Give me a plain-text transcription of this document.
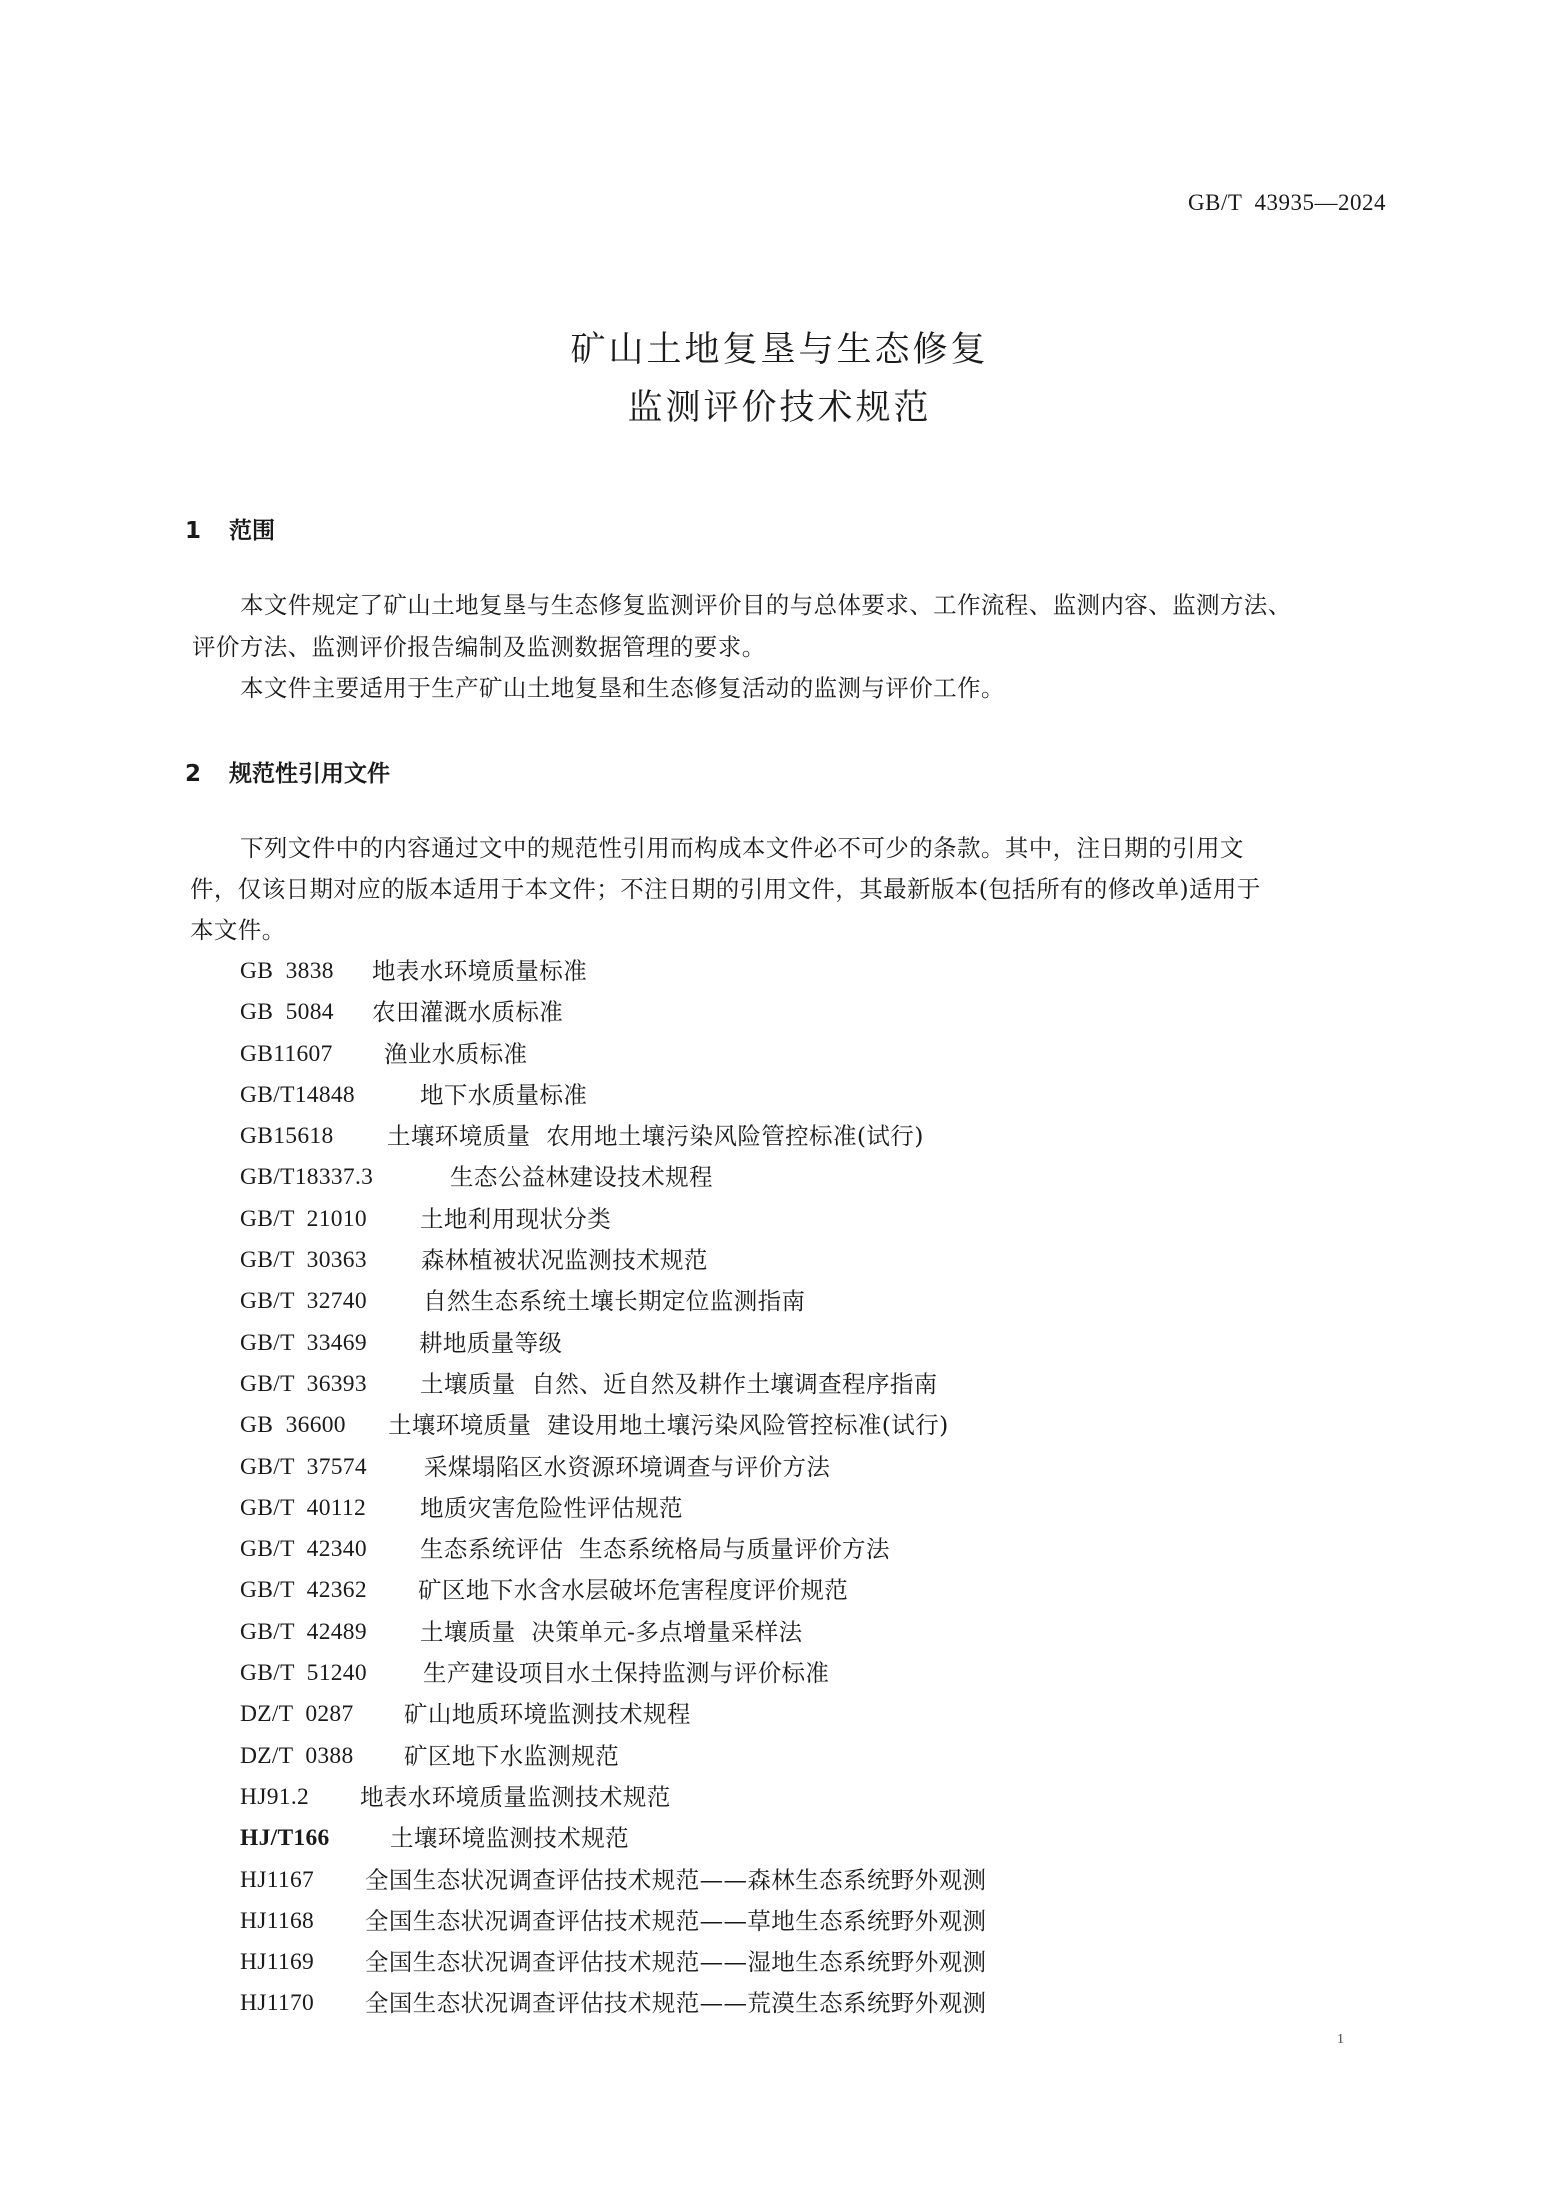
GB/T  43935—2024
矿山土地复垦与生态修复
监测评价技术规范
1 范围
本文件规定了矿山土地复垦与生态修复监测评价目的与总体要求、工作流程、监测内容、监测方法、
评价方法、监测评价报告编制及监测数据管理的要求。
本文件主要适用于生产矿山土地复垦和生态修复活动的监测与评价工作。
2 规范性引用文件
下列文件中的内容通过文中的规范性引用而构成本文件必不可少的条款。其中，注日期的引用文
件，仅该日期对应的版本适用于本文件；不注日期的引用文件，其最新版本(包括所有的修改单)适用于
本文件。
GB  3838 地表水环境质量标准
GB  5084 农田灌溉水质标准
GB11607 渔业水质标准
GB/T14848	地下水质量标准
GB15618 土壤环境质量  农用地土壤污染风险管控标准(试行)
GB/T18337.3	生态公益林建设技术规程
GB/T  21010 土地利用现状分类
GB/T  30363 森林植被状况监测技术规范
GB/T  32740 自然生态系统土壤长期定位监测指南
GB/T  33469 耕地质量等级
GB/T  36393 土壤质量  自然、近自然及耕作土壤调查程序指南
GB  36600 土壤环境质量  建设用地土壤污染风险管控标准(试行)
GB/T  37574 采煤塌陷区水资源环境调查与评价方法
GB/T  40112 地质灾害危险性评估规范
GB/T  42340 生态系统评估  生态系统格局与质量评价方法
GB/T  42362 矿区地下水含水层破坏危害程度评价规范
GB/T  42489 土壤质量  决策单元-多点增量采样法
GB/T  51240 生产建设项目水土保持监测与评价标准
DZ/T  0287 矿山地质环境监测技术规程
DZ/T  0388 矿区地下水监测规范
HJ91.2 地表水环境质量监测技术规范
HJ/T166	土壤环境监测技术规范
HJ1167 全国生态状况调查评估技术规范——森林生态系统野外观测
HJ1168 全国生态状况调查评估技术规范——草地生态系统野外观测
HJ1169 全国生态状况调查评估技术规范——湿地生态系统野外观测
HJ1170 全国生态状况调查评估技术规范——荒漠生态系统野外观测
1
